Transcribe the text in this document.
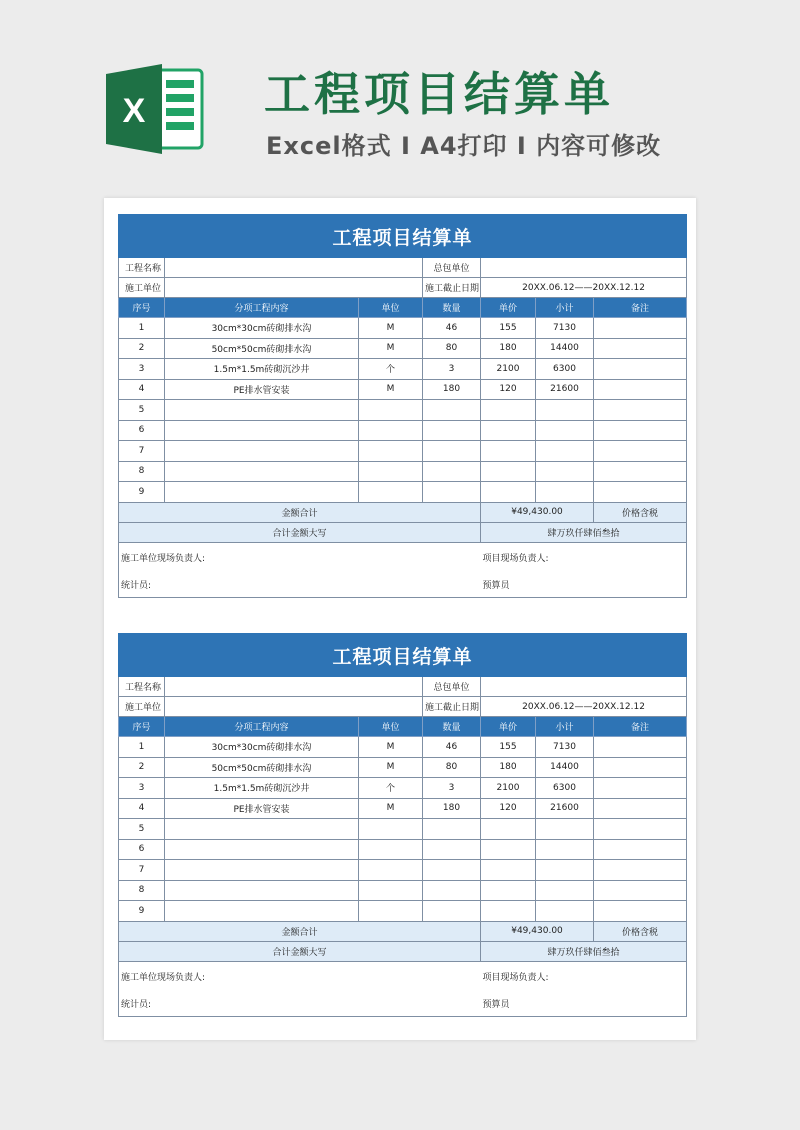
X	工程项目结算单
Excel格式 I A4打印 I 内容可修改
工程项目结算单						
工程名称			总包单位			
施工单位			施工截止日期	20XX.06.12——20XX.12.12		
序号	分项工程内容	单位	数量	单价	小计	备注
1	30cm*30cm砖砌排水沟	M	46	155	7130	
2	50cm*50cm砖砌排水沟	M	80	180	14400	
3	1.5m*1.5m砖砌沉沙井	个	3	2100	6300	
4	PE排水管安装	M	180	120	21600	
5						
6						
7						
8						
9						
金额合计				¥49,430.00		价格含税
合计金额大写				肆万玖仟肆佰叁拾		
施工单位现场负责人:				项目现场负责人:		
统计员:				预算员		
工程项目结算单						
工程名称			总包单位			
施工单位			施工截止日期	20XX.06.12——20XX.12.12		
序号	分项工程内容	单位	数量	单价	小计	备注
1	30cm*30cm砖砌排水沟	M	46	155	7130	
2	50cm*50cm砖砌排水沟	M	80	180	14400	
3	1.5m*1.5m砖砌沉沙井	个	3	2100	6300	
4	PE排水管安装	M	180	120	21600	
5						
6						
7						
8						
9						
金额合计				¥49,430.00		价格含税
合计金额大写				肆万玖仟肆佰叁拾		
施工单位现场负责人:				项目现场负责人:		
统计员:				预算员		
